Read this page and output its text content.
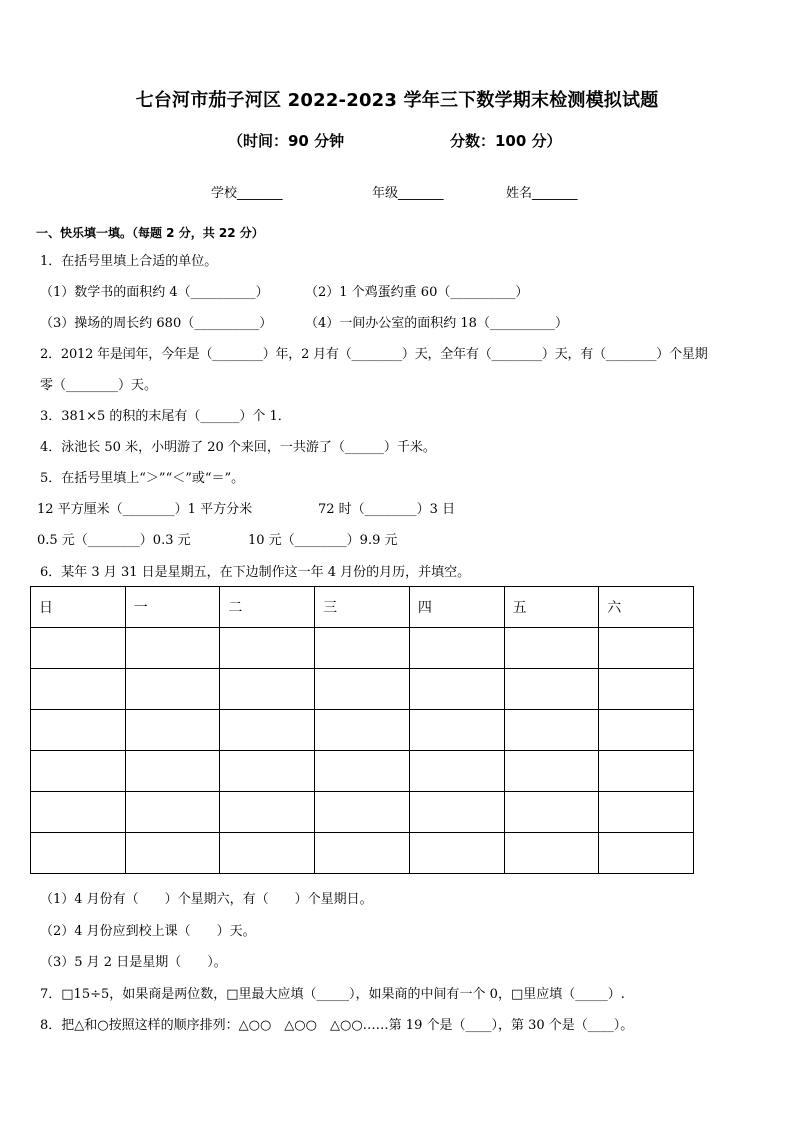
七台河市茄子河区 2022-2023 学年三下数学期末检测模拟试题
（时间：90 分钟	分数：100 分）
学校_______	年级_______	姓名_______
一、快乐填一填。（每题 2 分，共 22 分）
1．在括号里填上合适的单位。
（1）数学书的面积约 4（__________）	（2）1 个鸡蛋约重 60（__________）
（3）操场的周长约 680（__________）	（4）一间办公室的面积约 18（__________）
2．2012 年是闰年，今年是（________）年，2 月有（________）天，全年有（________）天，有（________）个星期
零（________）天。
3．381×5 的积的末尾有（______）个 1．
4．泳池长 50 米，小明游了 20 个来回，一共游了（______）千米。
5．在括号里填上“＞”“＜”或“＝”。
12 平方厘米（________）1 平方分米	72 时（________）3 日
0.5 元（________）0.3 元	10 元（________）9.9 元
6．某年 3 月 31 日是星期五，在下边制作这一年 4 月份的月历，并填空。
日	一	二	三	四	五	六

（1）4 月份有（　　）个星期六，有（　　）个星期日。
（2）4 月份应到校上课（　　）天。
（3）5 月 2 日是星期（　　）。
7．□15÷5，如果商是两位数，□里最大应填（_____），如果商的中间有一个 0，□里应填（_____）.
8．把△和○按照这样的顺序排列：△○○　△○○　△○○……第 19 个是（____），第 30 个是（____）。
